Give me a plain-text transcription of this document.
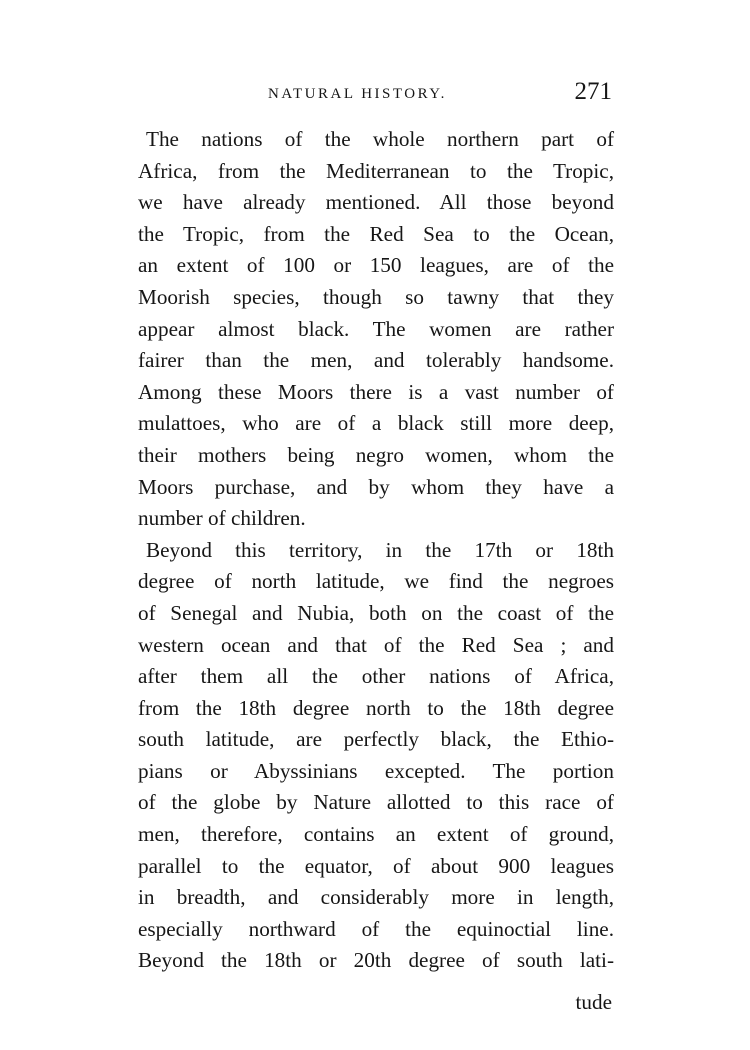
NATURAL HISTORY.	271
The nations of the whole northern part of
Africa, from the Mediterranean to the Tropic,
we have already mentioned. All those beyond
the Tropic, from the Red Sea to the Ocean,
an extent of 100 or 150 leagues, are of the
Moorish species, though so tawny that they
appear almost black. The women are rather
fairer than the men, and tolerably handsome.
Among these Moors there is a vast number of
mulattoes, who are of a black still more deep,
their mothers being negro women, whom the
Moors purchase, and by whom they have a
number of children.
Beyond this territory, in the 17th or 18th
degree of north latitude, we find the negroes
of Senegal and Nubia, both on the coast of the
western ocean and that of the Red Sea ; and
after them all the other nations of Africa,
from the 18th degree north to the 18th degree
south latitude, are perfectly black, the Ethio-
pians or Abyssinians excepted. The portion
of the globe by Nature allotted to this race of
men, therefore, contains an extent of ground,
parallel to the equator, of about 900 leagues
in breadth, and considerably more in length,
especially northward of the equinoctial line.
Beyond the 18th or 20th degree of south lati-
tude
